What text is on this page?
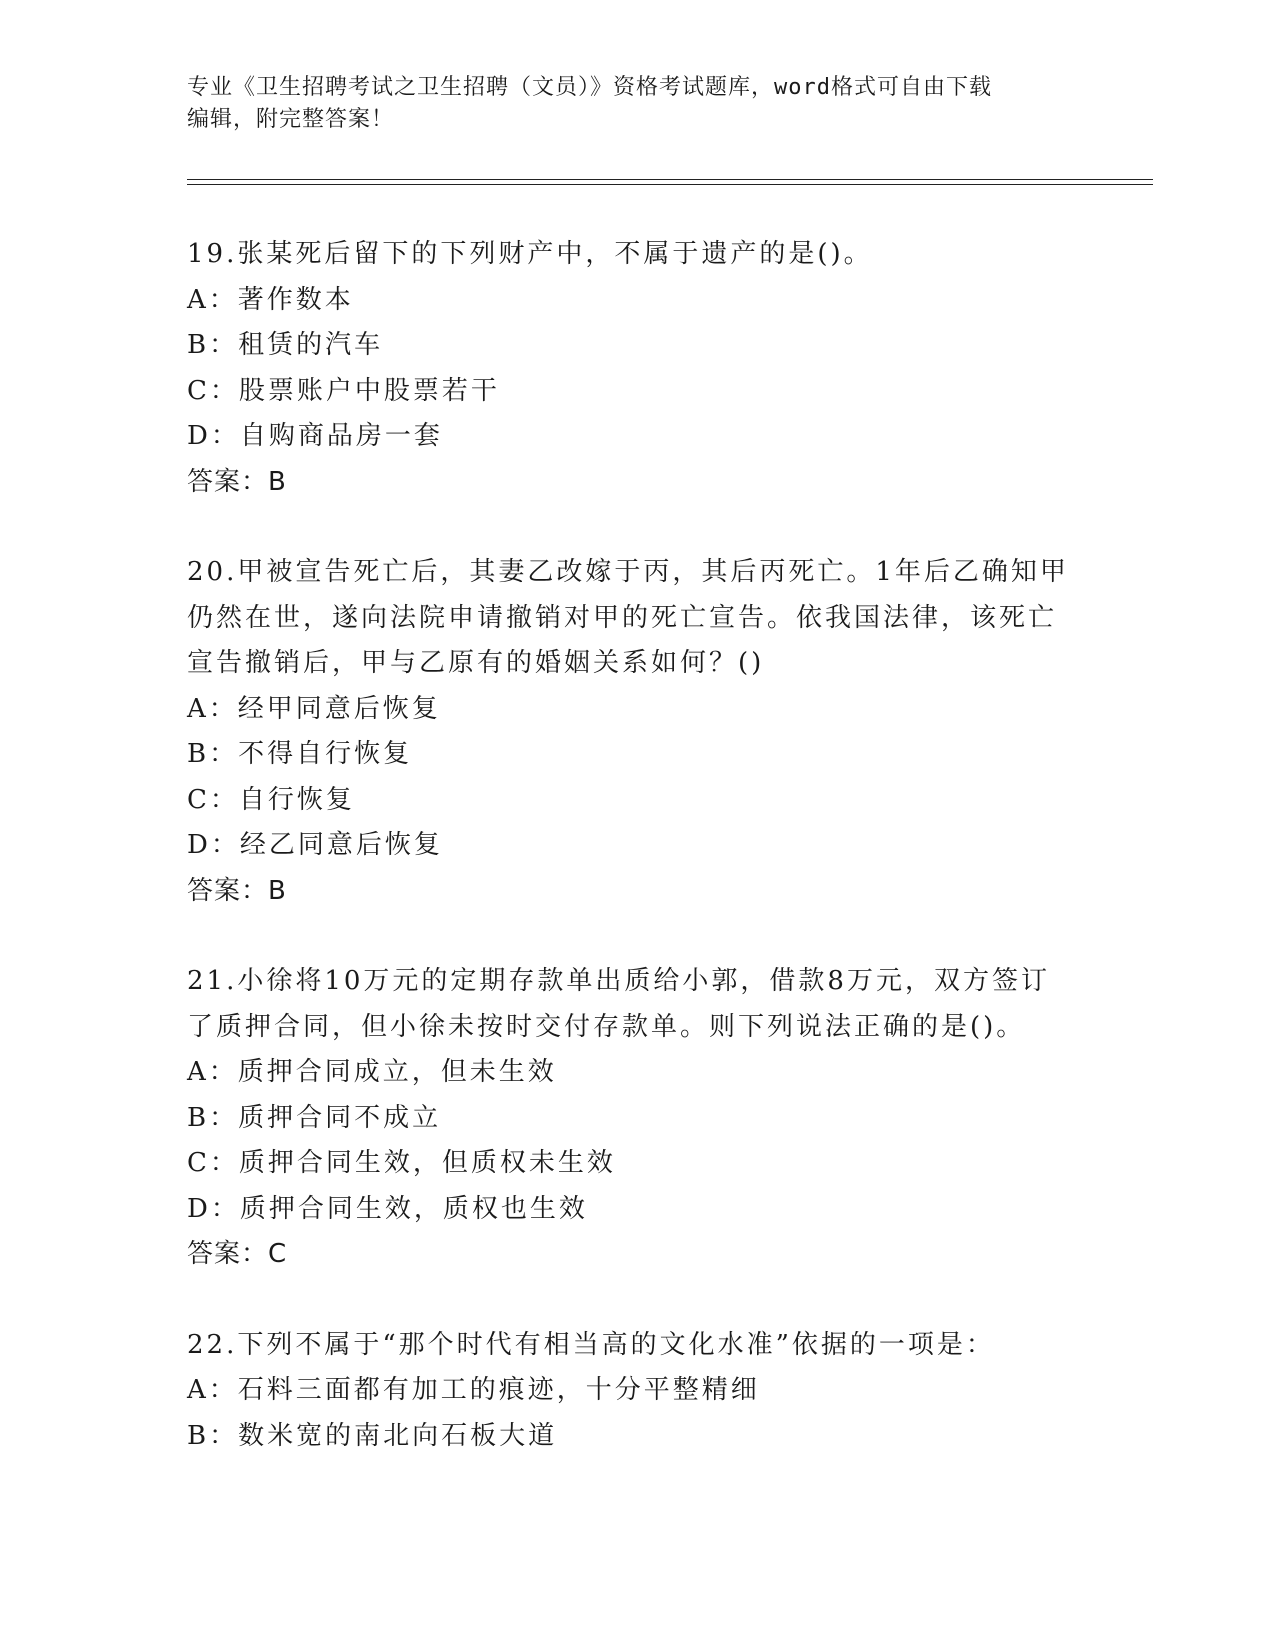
专业《卫生招聘考试之卫生招聘（文员）》资格考试题库，word格式可自由下载
编辑，附完整答案！
19.张某死后留下的下列财产中，不属于遗产的是()。
A：著作数本
B：租赁的汽车
C：股票账户中股票若干
D：自购商品房一套
答案：B
20.甲被宣告死亡后，其妻乙改嫁于丙，其后丙死亡。1年后乙确知甲
仍然在世，遂向法院申请撤销对甲的死亡宣告。依我国法律，该死亡
宣告撤销后，甲与乙原有的婚姻关系如何？()
A：经甲同意后恢复
B：不得自行恢复
C：自行恢复
D：经乙同意后恢复
答案：B
21.小徐将10万元的定期存款单出质给小郭，借款8万元，双方签订
了质押合同，但小徐未按时交付存款单。则下列说法正确的是()。
A：质押合同成立，但未生效
B：质押合同不成立
C：质押合同生效，但质权未生效
D：质押合同生效，质权也生效
答案：C
22.下列不属于“那个时代有相当高的文化水准”依据的一项是：
A：石料三面都有加工的痕迹，十分平整精细
B：数米宽的南北向石板大道
